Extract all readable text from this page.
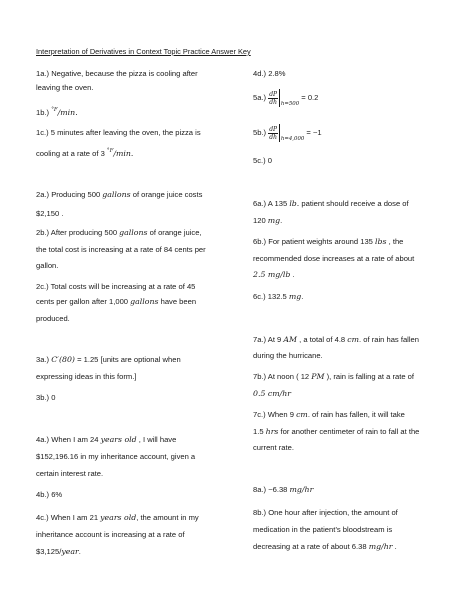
Interpretation of Derivatives in Context Topic Practice Answer Key
1a.) Negative, because the pizza is cooling after
leaving the oven.
1b.) $^{^\circ F}$/min.
1c.) 5 minutes after leaving the oven, the pizza is
cooling at a rate of 3 $^{^\circ F}$/min.
2a.) Producing 500 gallons of orange juice costs
$2,150 .
2b.) After producing 500 gallons of orange juice,
the total cost is increasing at a rate of 84 cents per
gallon.
2c.) Total costs will be increasing at a rate of 45
cents per gallon after 1,000 gallons have been
produced.
3a.) C′(80) = 1.25 [units are optional when
expressing ideas in this form.]
3b.) 0
4a.) When I am 24 years old , I will have
$152,196.16 in my inheritance account, given a
certain interest rate.
4b.) 6%
4c.) When I am 21 years old, the amount in my
inheritance account is increasing at a rate of
$3,125/year.
4d.) 2.8%
$5a.) \frac{dP}{dh} _{h=500} = 0.2$
$5b.) \frac{dP}{dh} _{h=4,000}$ = ~1
5c.) 0
6a.) A 135 lb. patient should receive a dose of
120 mg.
6b.) For patient weights around 135 lbs , the
recommended dose increases at a rate of about
2.5 mg/lb .
6c.) 132.5 mg.
7a.) At 9 AM , a total of 4.8 cm. of rain has fallen
during the hurricane.
7b.) At noon ( 12 PM ), rain is falling at a rate of
0.5 cm/hr
7c.) When 9 cm. of rain has fallen, it will take
1.5 hrs for another centimeter of rain to fall at the
current rate.
8a.) ~6.38 mg/hr
8b.) One hour after injection, the amount of
medication in the patient’s bloodstream is
decreasing at a rate of about 6.38 mg/hr .
